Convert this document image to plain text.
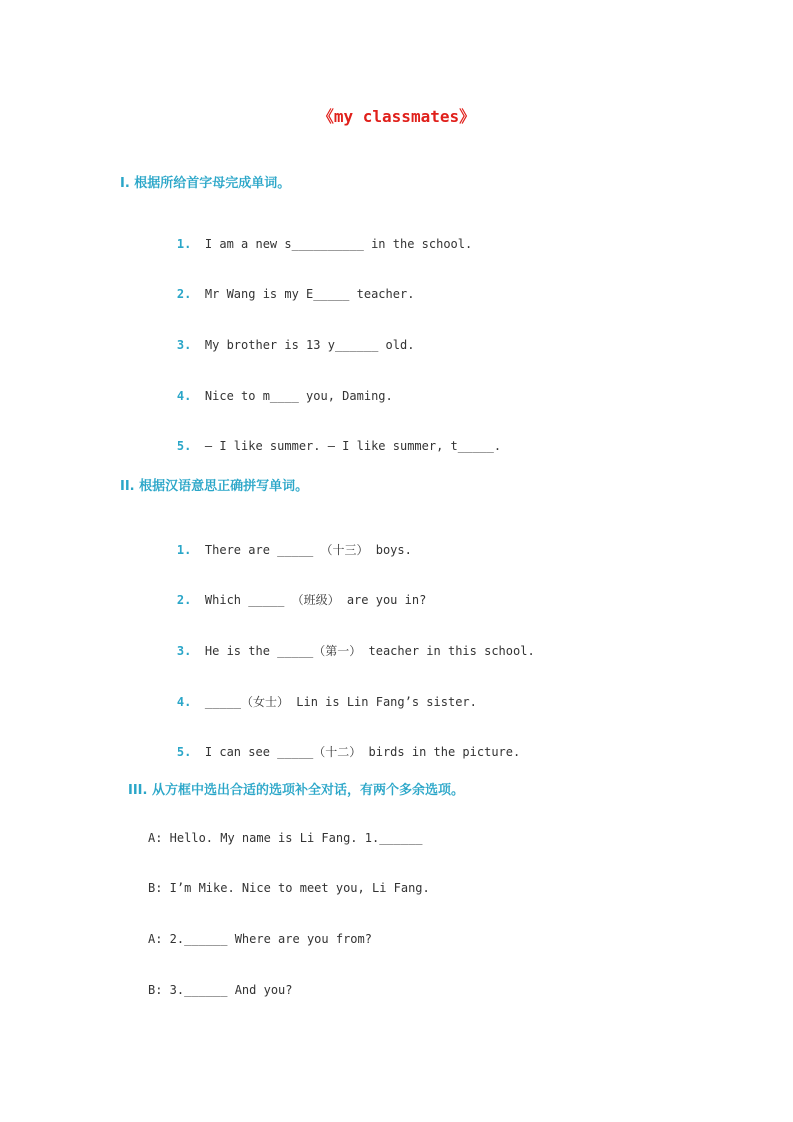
《my classmates》
I. 根据所给首字母完成单词。

1. I am a new s__________ in the school.

2. Mr Wang is my E_____ teacher.

3. My brother is 13 y______ old.

4. Nice to m____ you, Daming.

5. — I like summer. — I like summer, t_____.

II. 根据汉语意思正确拼写单词。

1. There are _____ （十三） boys.

2. Which _____ （班级） are you in?

3. He is the _____（第一） teacher in this school.

4. _____（女士） Lin is Lin Fang’s sister.

5. I can see _____（十二） birds in the picture.

III. 从方框中选出合适的选项补全对话，有两个多余选项。
A: Hello. My name is Li Fang. 1.______
B: I’m Mike. Nice to meet you, Li Fang.
A: 2.______ Where are you from?
B: 3.______ And you?
